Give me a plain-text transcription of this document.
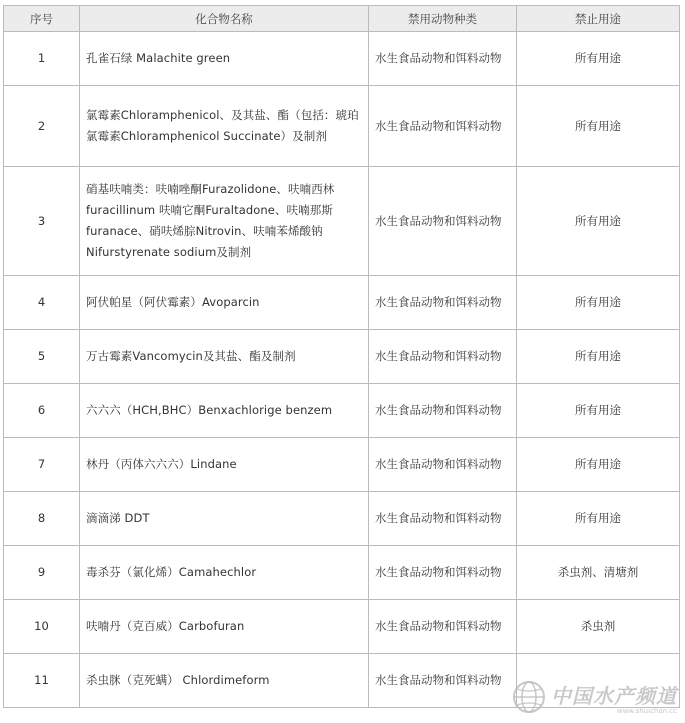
序号	化合物名称	禁用动物种类	禁止用途
1	孔雀石绿 Malachite green	水生食品动物和饵料动物	所有用途
2	氯霉素Chloramphenicol、及其盐、酯（包括：琥珀氯霉素Chloramphenicol Succinate）及制剂	水生食品动物和饵料动物	所有用途
3	硝基呋喃类：呋喃唑酮Furazolidone、呋喃西林furacillinum 呋喃它酮Furaltadone、呋喃那斯furanace、硝呋烯腙Nitrovin、呋喃苯烯酸钠Nifurstyrenate sodium及制剂	水生食品动物和饵料动物	所有用途
4	阿伏帕星（阿伏霉素）Avoparcin	水生食品动物和饵料动物	所有用途
5	万古霉素Vancomycin及其盐、酯及制剂	水生食品动物和饵料动物	所有用途
6	六六六（HCH,BHC）Benxachlorige benzem	水生食品动物和饵料动物	所有用途
7	林丹（丙体六六六）Lindane	水生食品动物和饵料动物	所有用途
8	滴滴涕 DDT	水生食品动物和饵料动物	所有用途
9	毒杀芬（氯化烯）Camahechlor	水生食品动物和饵料动物	杀虫剂、清塘剂
10	呋喃丹（克百威）Carbofuran	水生食品动物和饵料动物	杀虫剂
11	杀虫脒（克死螨） Chlordimeform	水生食品动物和饵料动物	
中国水产频道
www.shuichan.cc
